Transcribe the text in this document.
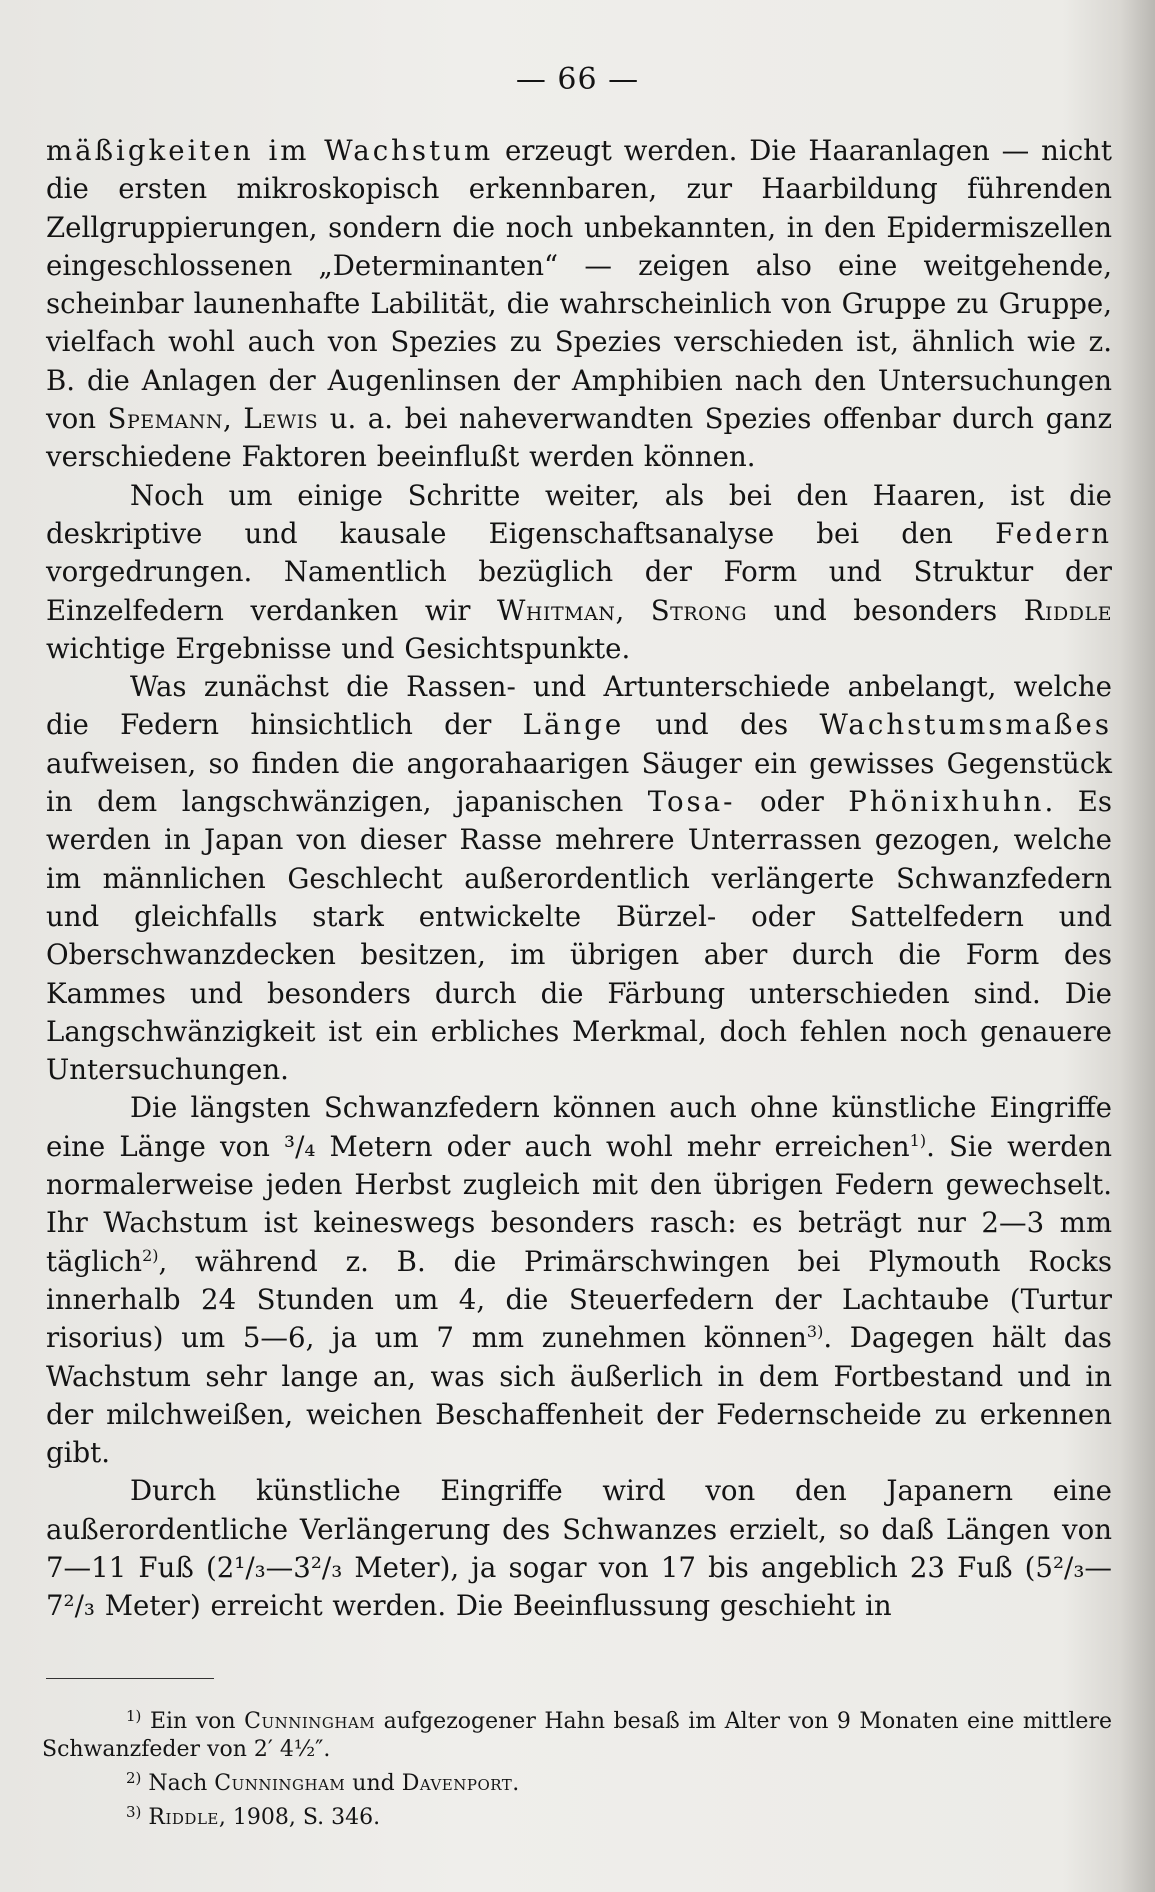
— 66 —

mäßigkeiten im Wachstum erzeugt werden. Die Haaranlagen — nicht die ersten mikroskopisch erkennbaren, zur Haarbildung führenden Zellgruppierungen, sondern die noch unbekannten, in den Epidermiszellen eingeschlossenen „Determinanten“ — zeigen also eine weitgehende, scheinbar launenhafte Labilität, die wahrscheinlich von Gruppe zu Gruppe, vielfach wohl auch von Spezies zu Spezies verschieden ist, ähnlich wie z. B. die Anlagen der Augenlinsen der Amphibien nach den Untersuchungen von Spemann, Lewis u. a. bei naheverwandten Spezies offenbar durch ganz verschiedene Faktoren beeinflußt werden können.

Noch um einige Schritte weiter, als bei den Haaren, ist die deskriptive und kausale Eigenschaftsanalyse bei den Federn vorgedrungen. Namentlich bezüglich der Form und Struktur der Einzelfedern verdanken wir Whitman, Strong und besonders Riddle wichtige Ergebnisse und Gesichtspunkte.

Was zunächst die Rassen- und Artunterschiede anbelangt, welche die Federn hinsichtlich der Länge und des Wachstumsmaßes aufweisen, so finden die angorahaarigen Säuger ein gewisses Gegenstück in dem langschwänzigen, japanischen Tosa- oder Phönixhuhn. Es werden in Japan von dieser Rasse mehrere Unterrassen gezogen, welche im männlichen Geschlecht außerordentlich verlängerte Schwanzfedern und gleichfalls stark entwickelte Bürzel- oder Sattelfedern und Oberschwanzdecken besitzen, im übrigen aber durch die Form des Kammes und besonders durch die Färbung unterschieden sind. Die Langschwänzigkeit ist ein erbliches Merkmal, doch fehlen noch genauere Untersuchungen.

Die längsten Schwanzfedern können auch ohne künstliche Eingriffe eine Länge von ³/₄ Metern oder auch wohl mehr erreichen$^{1)}$. Sie werden normalerweise jeden Herbst zugleich mit den übrigen Federn gewechselt. Ihr Wachstum ist keineswegs besonders rasch: es beträgt nur 2—3 mm täglich$^{2)}$, während z. B. die Primärschwingen bei Plymouth Rocks innerhalb 24 Stunden um 4, die Steuerfedern der Lachtaube (Turtur risorius) um 5—6, ja um 7 mm zunehmen können$^{3)}$. Dagegen hält das Wachstum sehr lange an, was sich äußerlich in dem Fortbestand und in der milchweißen, weichen Beschaffenheit der Federnscheide zu erkennen gibt.

Durch künstliche Eingriffe wird von den Japanern eine außerordentliche Verlängerung des Schwanzes erzielt, so daß Längen von 7—11 Fuß (2¹/₃—3²/₃ Meter), ja sogar von 17 bis angeblich 23 Fuß (5²/₃—7²/₃ Meter) erreicht werden. Die Beeinflussung geschieht in

$^{1)}$ Ein von Cunningham aufgezogener Hahn besaß im Alter von 9 Monaten eine mittlere Schwanzfeder von 2′ 4½″.

$^{2)}$ Nach Cunningham und Davenport.

$^{3)}$ Riddle, 1908, S. 346.
